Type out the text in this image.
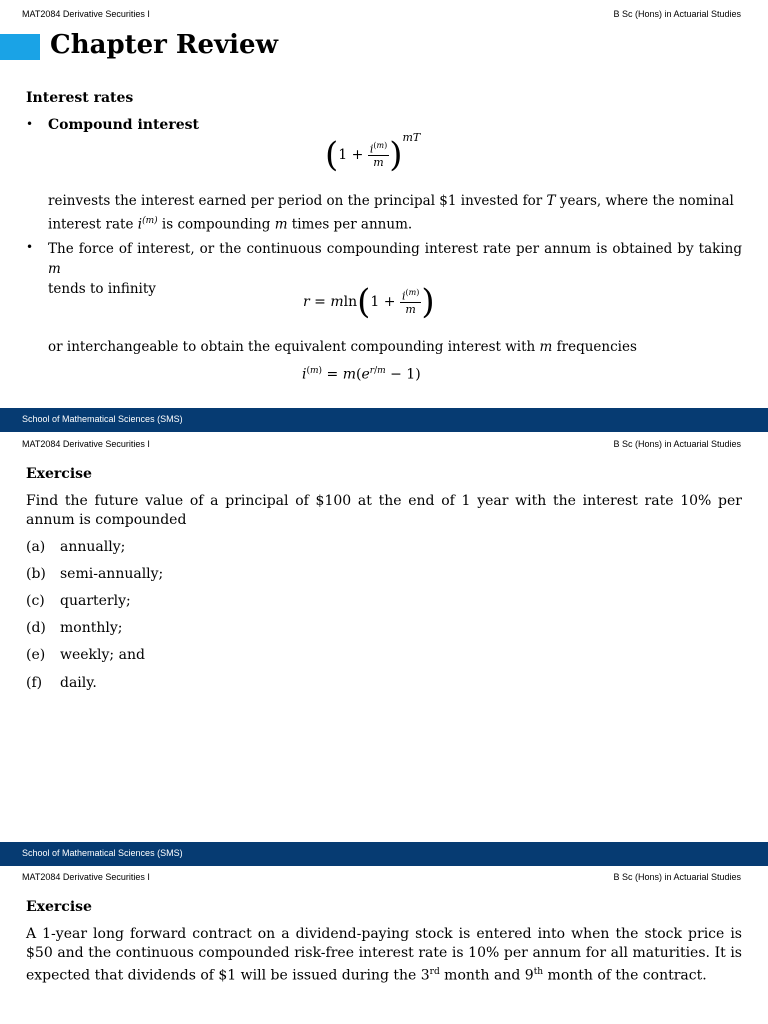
MAT2084 Derivative Securities I	B Sc (Hons) in Actuarial Studies
Chapter Review
Interest rates
• Compound interest
$(1 + \frac{i^{(m)}}{m} )^{mT}$
reinvests the interest earned per period on the principal $1 invested for T years, where the nominal
interest rate $i^{(m)}$ is compounding m times per annum.
• The force of interest, or the continuous compounding interest rate per annum is obtained by taking m
tends to infinity
$r = mln(1 + \frac{i^{(m)}}{m}$ )
or interchangeable to obtain the equivalent compounding interest with m frequencies
$i^{(m)} = m(e^{r/m} - 1)$
School of Mathematical Sciences (SMS)
MAT2084 Derivative Securities I	B Sc (Hons) in Actuarial Studies
Exercise
Find the future value of a principal of $100 at the end of 1 year with the interest rate 10% per annum is compounded
(a) annually;
(b) semi-annually;
(c) quarterly;
(d) monthly;
(e) weekly; and
(f) daily.
School of Mathematical Sciences (SMS)
MAT2084 Derivative Securities I	B Sc (Hons) in Actuarial Studies
Exercise
A 1-year long forward contract on a dividend-paying stock is entered into when the stock price is $50 and the continuous compounded risk-free interest rate is 10% per annum for all maturities. It is expected that dividends of $1 will be issued during the 3rd month and 9th month of the contract.
